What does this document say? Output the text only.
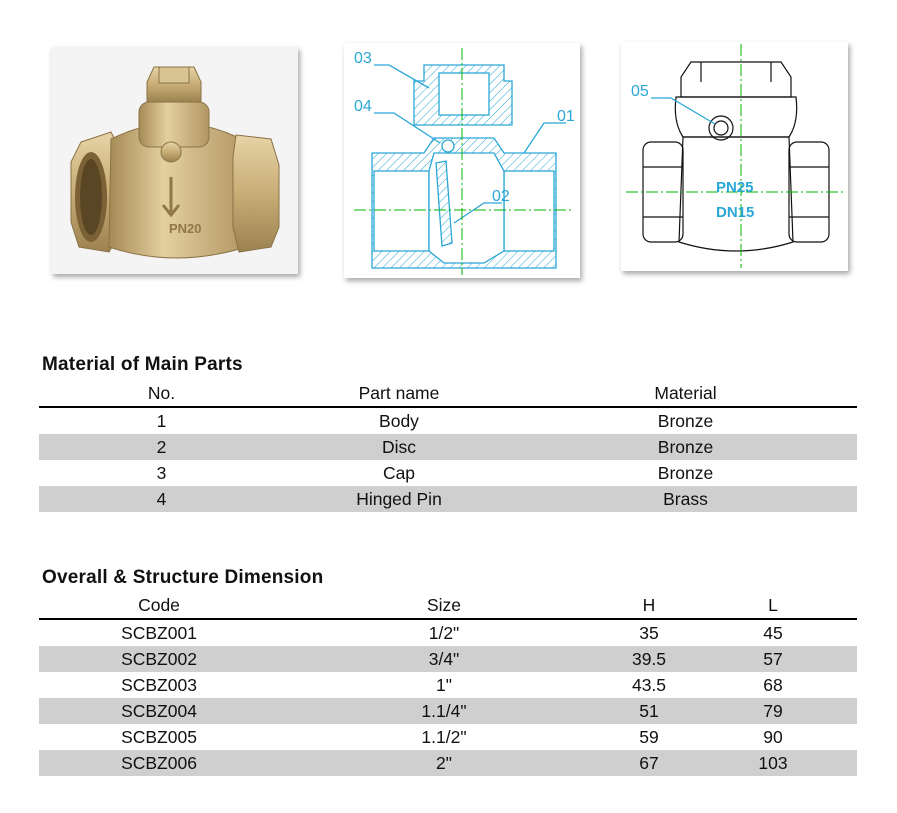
PN20
03
04
01
02
05
PN25
DN15
Material of Main Parts
No.	Part name	Material
1	Body	Bronze
2	Disc	Bronze
3	Cap	Bronze
4	Hinged Pin	Brass
Overall & Structure Dimension
Code	Size	H	L
SCBZ001	1/2"	35	45
SCBZ002	3/4"	39.5	57
SCBZ003	1"	43.5	68
SCBZ004	1.1/4"	51	79
SCBZ005	1.1/2"	59	90
SCBZ006	2"	67	103
